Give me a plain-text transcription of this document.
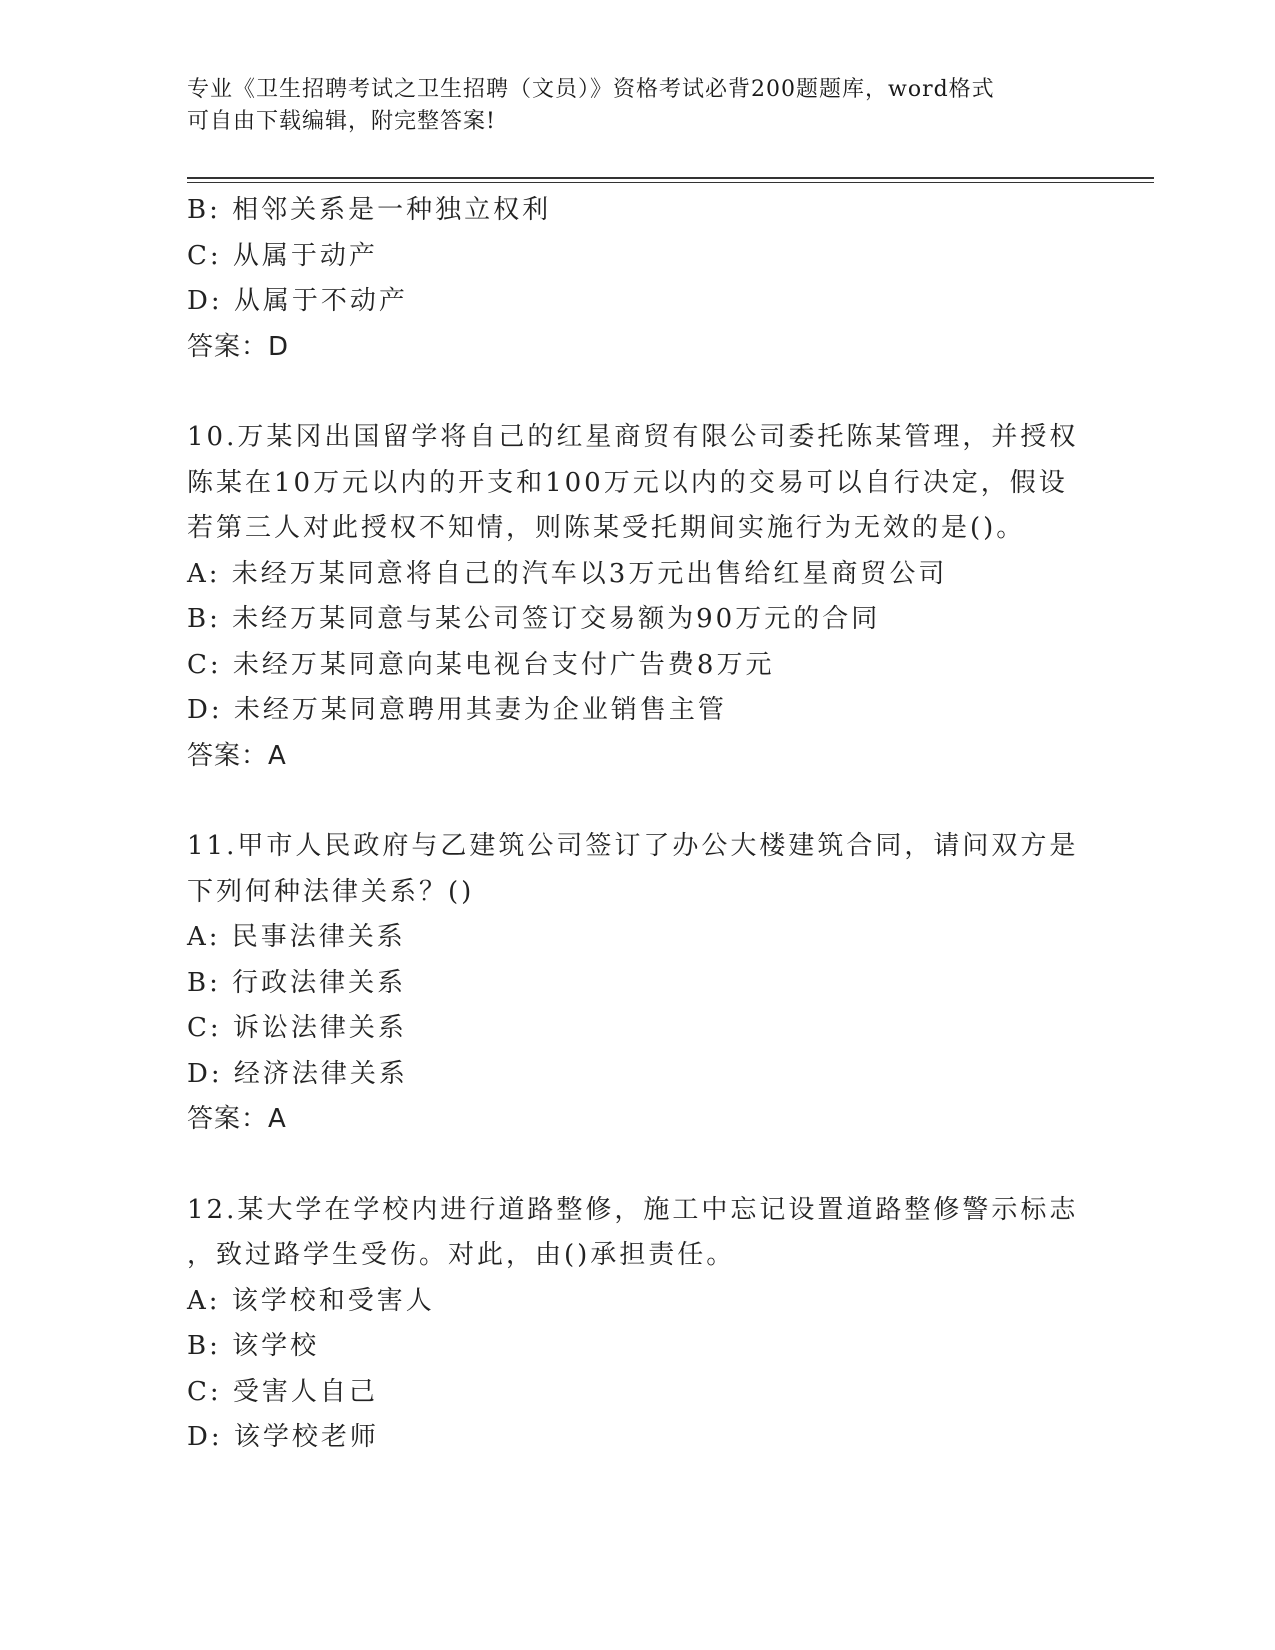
专业《卫生招聘考试之卫生招聘（文员）》资格考试必背200题题库，word格式
可自由下载编辑，附完整答案!
B: 相邻关系是一种独立权利
C: 从属于动产
D: 从属于不动产
答案：D
10.万某冈出国留学将自己的红星商贸有限公司委托陈某管理，并授权
陈某在10万元以内的开支和100万元以内的交易可以自行决定，假设
若第三人对此授权不知情，则陈某受托期间实施行为无效的是()。
A: 未经万某同意将自己的汽车以3万元出售给红星商贸公司
B: 未经万某同意与某公司签订交易额为90万元的合同
C: 未经万某同意向某电视台支付广告费8万元
D: 未经万某同意聘用其妻为企业销售主管
答案：A
11.甲市人民政府与乙建筑公司签订了办公大楼建筑合同，请问双方是
下列何种法律关系？()
A: 民事法律关系
B: 行政法律关系
C: 诉讼法律关系
D: 经济法律关系
答案：A
12.某大学在学校内进行道路整修，施工中忘记设置道路整修警示标志
，致过路学生受伤。对此，由()承担责任。
A: 该学校和受害人
B: 该学校
C: 受害人自己
D: 该学校老师
